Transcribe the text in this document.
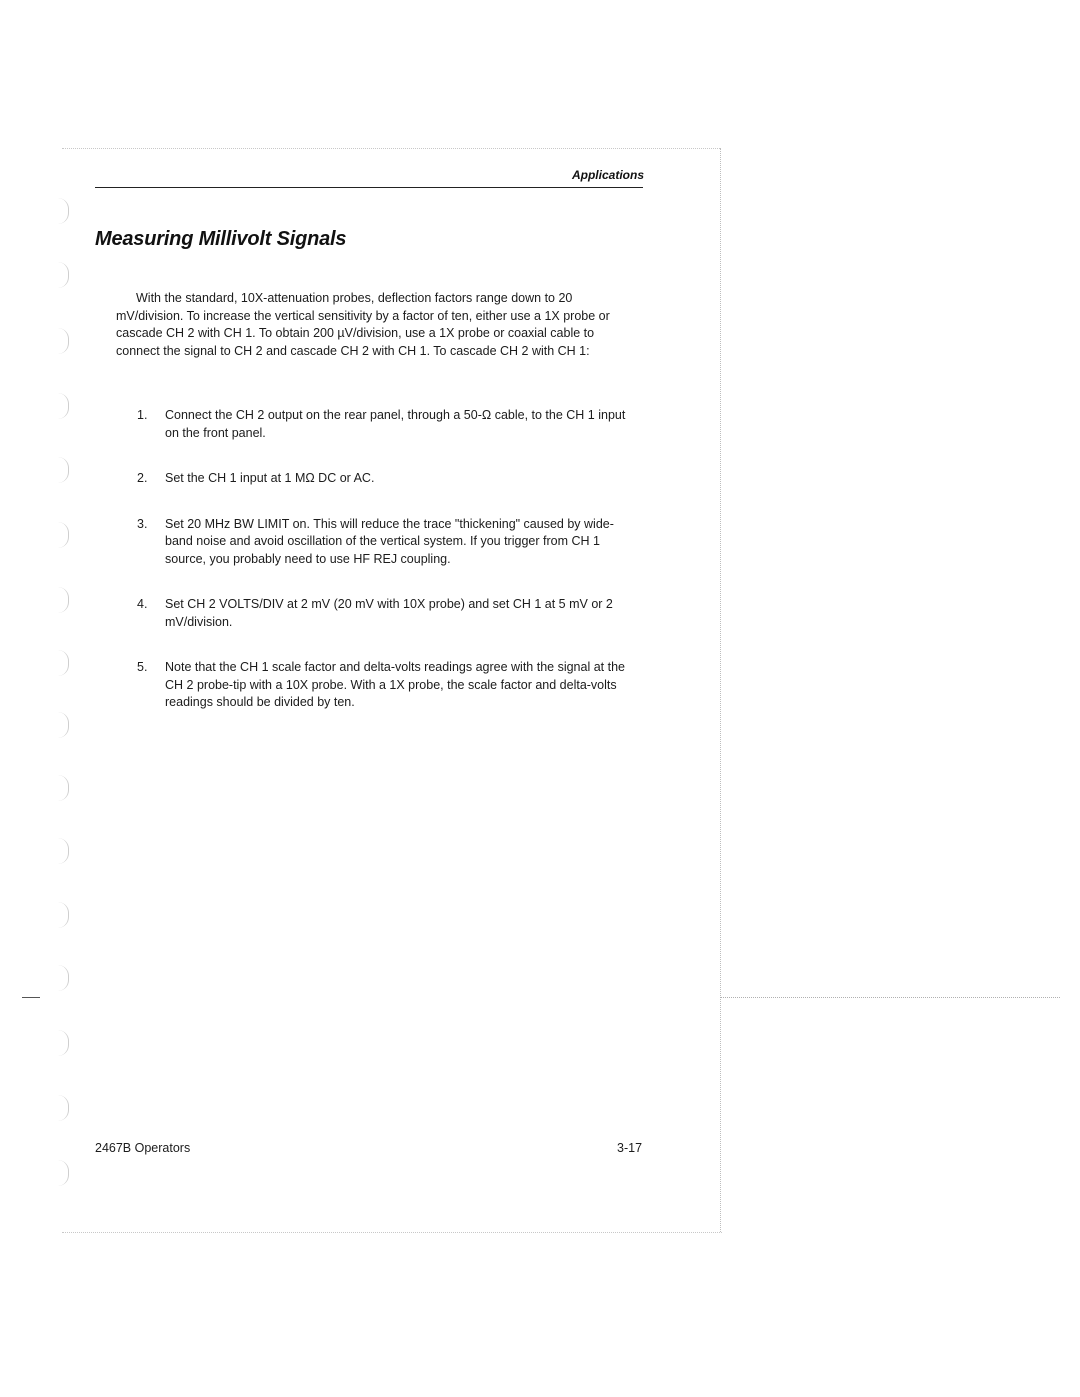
Applications
Measuring Millivolt Signals

With the standard, 10X-attenuation probes, deflection factors range down to 20 mV/division. To increase the vertical sensitivity by a factor of ten, either use a 1X probe or cascade CH 2 with CH 1. To obtain 200 µV/division, use a 1X probe or coaxial cable to connect the signal to CH 2 and cascade CH 2 with CH 1. To cascade CH 2 with CH 1:

1. Connect the CH 2 output on the rear panel, through a 50-Ω cable, to the CH 1 input on the front panel.
2. Set the CH 1 input at 1 MΩ DC or AC.
3. Set 20 MHz BW LIMIT on. This will reduce the trace "thickening" caused by wide-band noise and avoid oscillation of the vertical system. If you trigger from CH 1 source, you probably need to use HF REJ coupling.
4. Set CH 2 VOLTS/DIV at 2 mV (20 mV with 10X probe) and set CH 1 at 5 mV or 2 mV/division.
5. Note that the CH 1 scale factor and delta-volts readings agree with the signal at the CH 2 probe-tip with a 10X probe. With a 1X probe, the scale factor and delta-volts readings should be divided by ten.
2467B Operators	3-17
